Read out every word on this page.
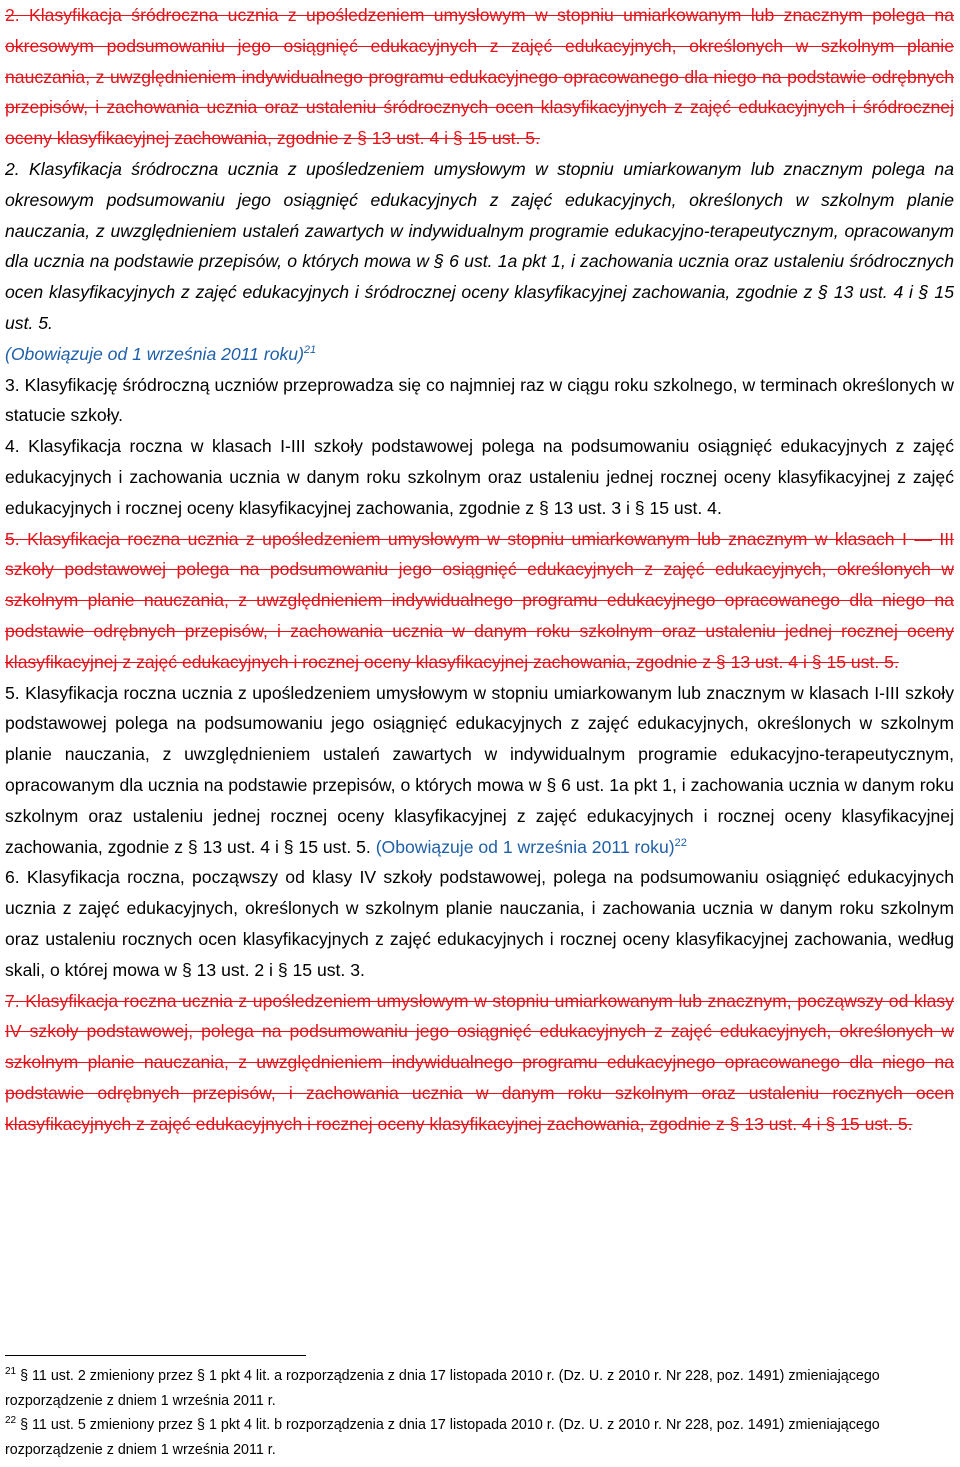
2. Klasyfikacja śródroczna ucznia z upośledzeniem umysłowym w stopniu umiarkowanym lub znacznym polega na okresowym podsumowaniu jego osiągnięć edukacyjnych z zajęć edukacyjnych, określonych w szkolnym planie nauczania, z uwzględnieniem indywidualnego programu edukacyjnego opracowanego dla niego na podstawie odrębnych przepisów, i zachowania ucznia oraz ustaleniu śródrocznych ocen klasyfikacyjnych z zajęć edukacyjnych i śródrocznej oceny klasyfikacyjnej zachowania, zgodnie z § 13 ust. 4 i § 15 ust. 5.

2. Klasyfikacja śródroczna ucznia z upośledzeniem umysłowym w stopniu umiarkowanym lub znacznym polega na okresowym podsumowaniu jego osiągnięć edukacyjnych z zajęć edukacyjnych, określonych w szkolnym planie nauczania, z uwzględnieniem ustaleń zawartych w indywidualnym programie edukacyjno-terapeutycznym, opracowanym dla ucznia na podstawie przepisów, o których mowa w § 6 ust. 1a pkt 1, i zachowania ucznia oraz ustaleniu śródrocznych ocen klasyfikacyjnych z zajęć edukacyjnych i śródrocznej oceny klasyfikacyjnej zachowania, zgodnie z § 13 ust. 4 i § 15 ust. 5.
(Obowiązuje od 1 września 2011 roku)$^{21}$

3. Klasyfikację śródroczną uczniów przeprowadza się co najmniej raz w ciągu roku szkolnego, w terminach określonych w statucie szkoły.

4. Klasyfikacja roczna w klasach I-III szkoły podstawowej polega na podsumowaniu osiągnięć edukacyjnych z zajęć edukacyjnych i zachowania ucznia w danym roku szkolnym oraz ustaleniu jednej rocznej oceny klasyfikacyjnej z zajęć edukacyjnych i rocznej oceny klasyfikacyjnej zachowania, zgodnie z § 13 ust. 3 i § 15 ust. 4.

5. Klasyfikacja roczna ucznia z upośledzeniem umysłowym w stopniu umiarkowanym lub znacznym w klasach I — III szkoły podstawowej polega na podsumowaniu jego osiągnięć edukacyjnych z zajęć edukacyjnych, określonych w szkolnym planie nauczania, z uwzględnieniem indywidualnego programu edukacyjnego opracowanego dla niego na podstawie odrębnych przepisów, i zachowania ucznia w danym roku szkolnym oraz ustaleniu jednej rocznej oceny klasyfikacyjnej z zajęć edukacyjnych i rocznej oceny klasyfikacyjnej zachowania, zgodnie z § 13 ust. 4 i § 15 ust. 5.

5. Klasyfikacja roczna ucznia z upośledzeniem umysłowym w stopniu umiarkowanym lub znacznym w klasach I-III szkoły podstawowej polega na podsumowaniu jego osiągnięć edukacyjnych z zajęć edukacyjnych, określonych w szkolnym planie nauczania, z uwzględnieniem ustaleń zawartych w indywidualnym programie edukacyjno-terapeutycznym, opracowanym dla ucznia na podstawie przepisów, o których mowa w § 6 ust. 1a pkt 1, i zachowania ucznia w danym roku szkolnym oraz ustaleniu jednej rocznej oceny klasyfikacyjnej z zajęć edukacyjnych i rocznej oceny klasyfikacyjnej zachowania, zgodnie z § 13 ust. 4 i § 15 ust. 5. (Obowiązuje od 1 września 2011 roku)$^{22}$

6. Klasyfikacja roczna, począwszy od klasy IV szkoły podstawowej, polega na podsumowaniu osiągnięć edukacyjnych ucznia z zajęć edukacyjnych, określonych w szkolnym planie nauczania, i zachowania ucznia w danym roku szkolnym oraz ustaleniu rocznych ocen klasyfikacyjnych z zajęć edukacyjnych i rocznej oceny klasyfikacyjnej zachowania, według skali, o której mowa w § 13 ust. 2 i § 15 ust. 3.

7. Klasyfikacja roczna ucznia z upośledzeniem umysłowym w stopniu umiarkowanym lub znacznym, począwszy od klasy IV szkoły podstawowej, polega na podsumowaniu jego osiągnięć edukacyjnych z zajęć edukacyjnych, określonych w szkolnym planie nauczania, z uwzględnieniem indywidualnego programu edukacyjnego opracowanego dla niego na podstawie odrębnych przepisów, i zachowania ucznia w danym roku szkolnym oraz ustaleniu rocznych ocen klasyfikacyjnych z zajęć edukacyjnych i rocznej oceny klasyfikacyjnej zachowania, zgodnie z § 13 ust. 4 i § 15 ust. 5.

$^{21}$ § 11 ust. 2 zmieniony przez § 1 pkt 4 lit. a rozporządzenia z dnia 17 listopada 2010 r. (Dz. U. z 2010 r. Nr 228, poz. 1491) zmieniającego rozporządzenie z dniem 1 września 2011 r.

$^{22}$ § 11 ust. 5 zmieniony przez § 1 pkt 4 lit. b rozporządzenia z dnia 17 listopada 2010 r. (Dz. U. z 2010 r. Nr 228, poz. 1491) zmieniającego rozporządzenie z dniem 1 września 2011 r.
